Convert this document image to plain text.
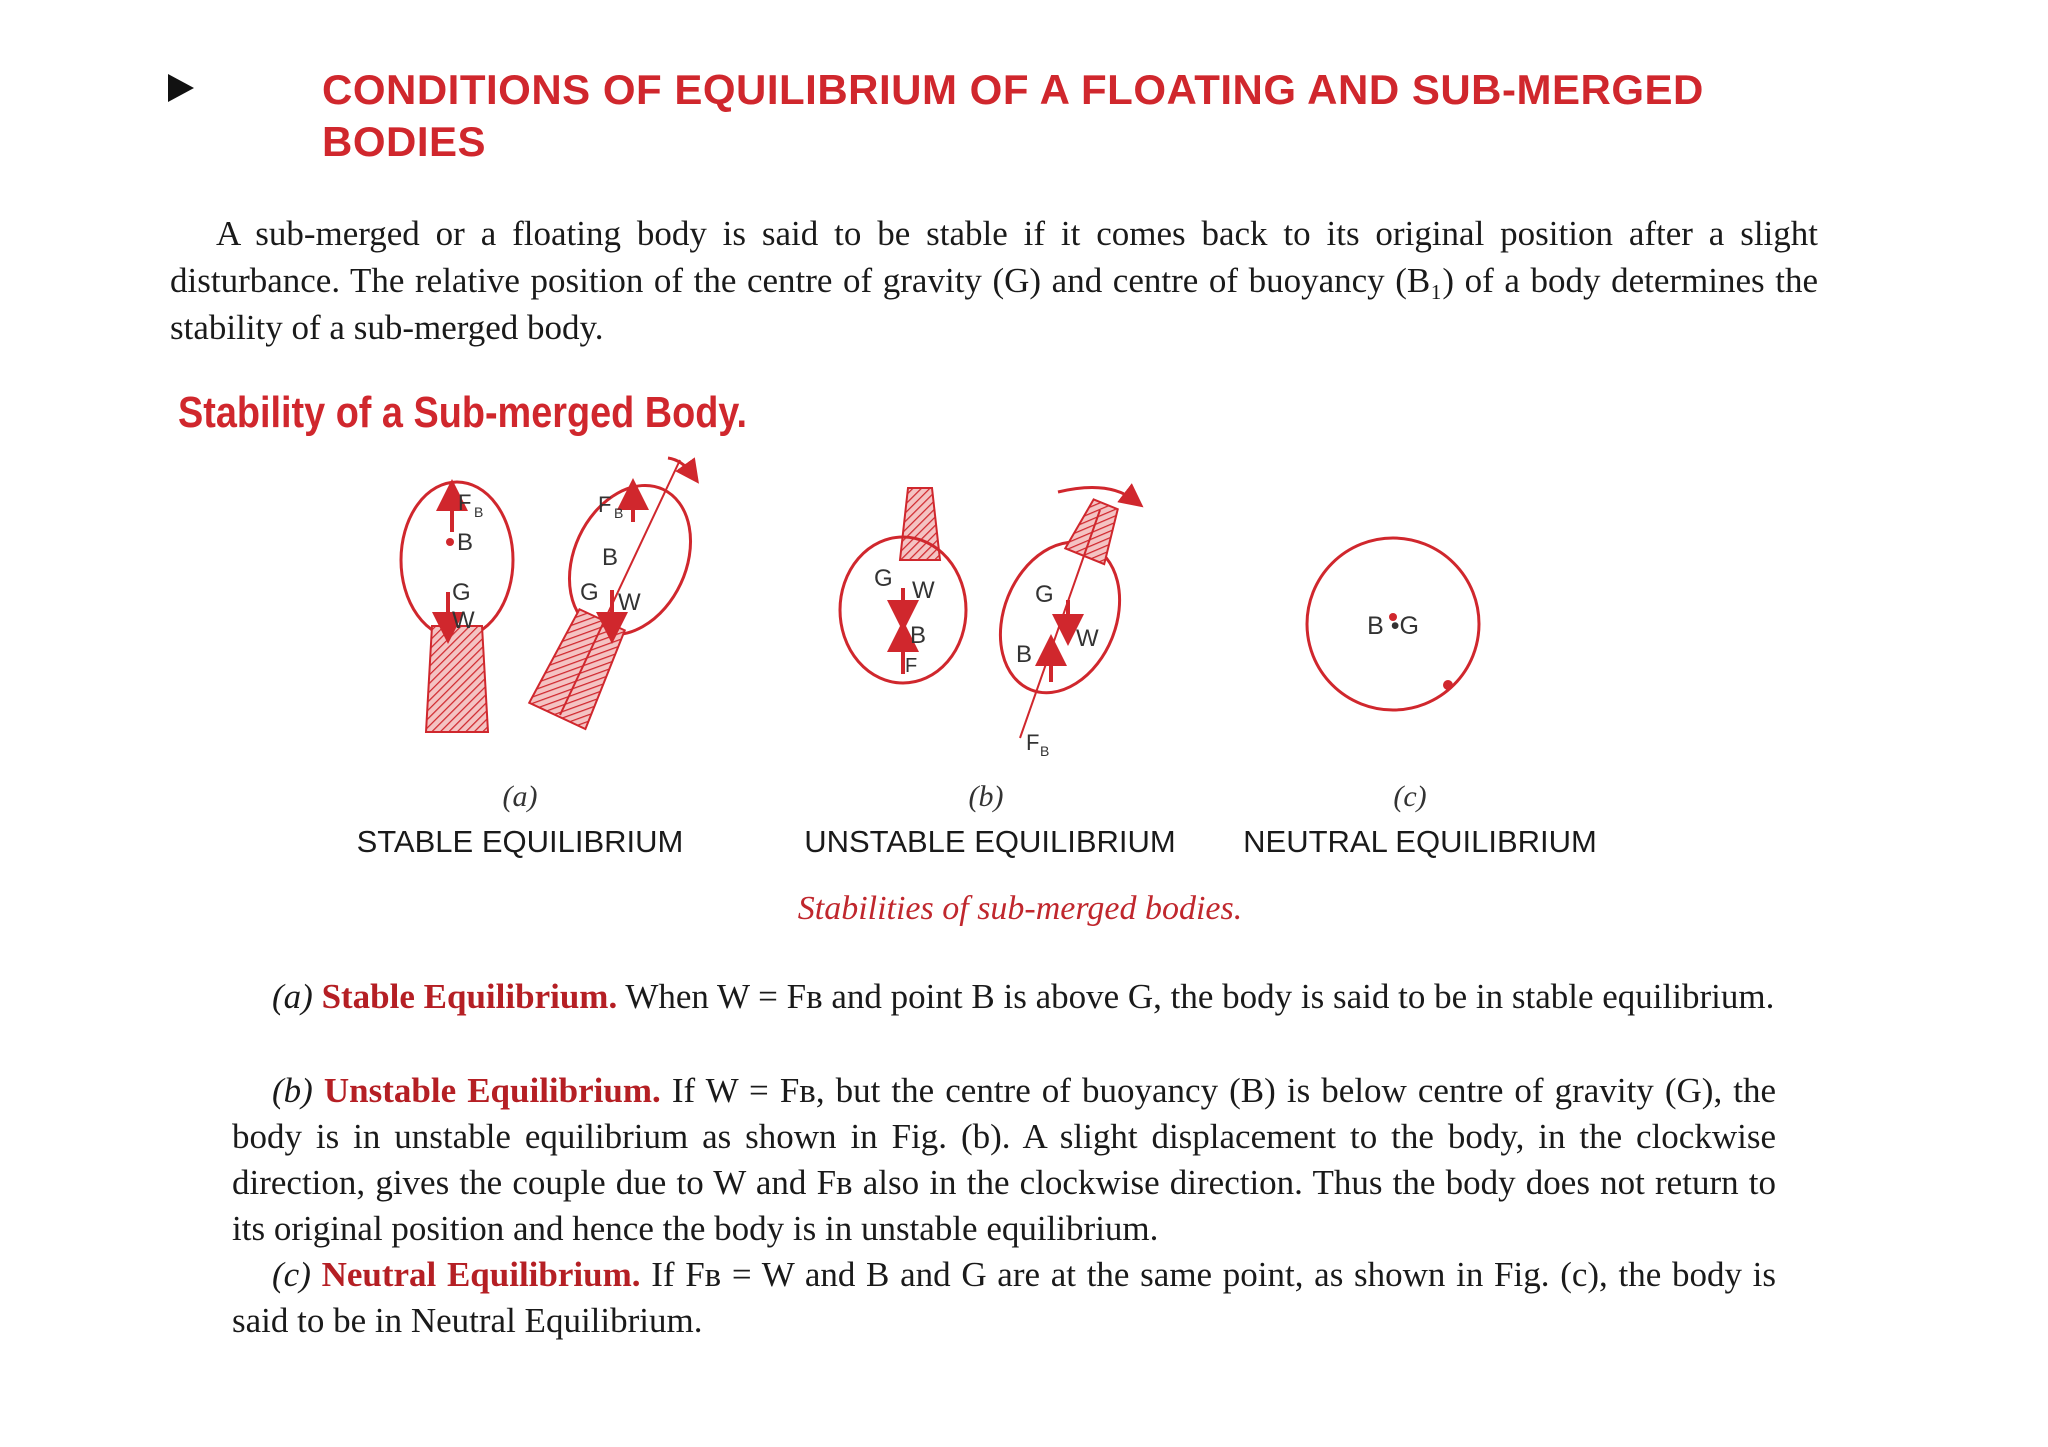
CONDITIONS OF EQUILIBRIUM OF A FLOATING AND SUB-MERGED BODIES
A sub-merged or a floating body is said to be stable if it comes back to its original position after a slight disturbance. The relative position of the centre of gravity (G) and centre of buoyancy (B₁) of a body determines the stability of a sub-merged body.
Stability of a Sub-merged Body.
F B
B
G
W
F B
B
G W
G W
B
F
G
W
B
F B
B •G
(a)
STABLE EQUILIBRIUM
(b)
UNSTABLE EQUILIBRIUM
(c)
NEUTRAL EQUILIBRIUM
Stabilities of sub-merged bodies.
(a) Stable Equilibrium. When W = Fʙ and point B is above G, the body is said to be in stable equilibrium.
(b) Unstable Equilibrium. If W = Fʙ, but the centre of buoyancy (B) is below centre of gravity (G), the body is in unstable equilibrium as shown in Fig. (b). A slight displacement to the body, in the clockwise direction, gives the couple due to W and Fʙ also in the clockwise direction. Thus the body does not return to its original position and hence the body is in unstable equilibrium.
(c) Neutral Equilibrium. If Fʙ = W and B and G are at the same point, as shown in Fig. (c), the body is said to be in Neutral Equilibrium.
